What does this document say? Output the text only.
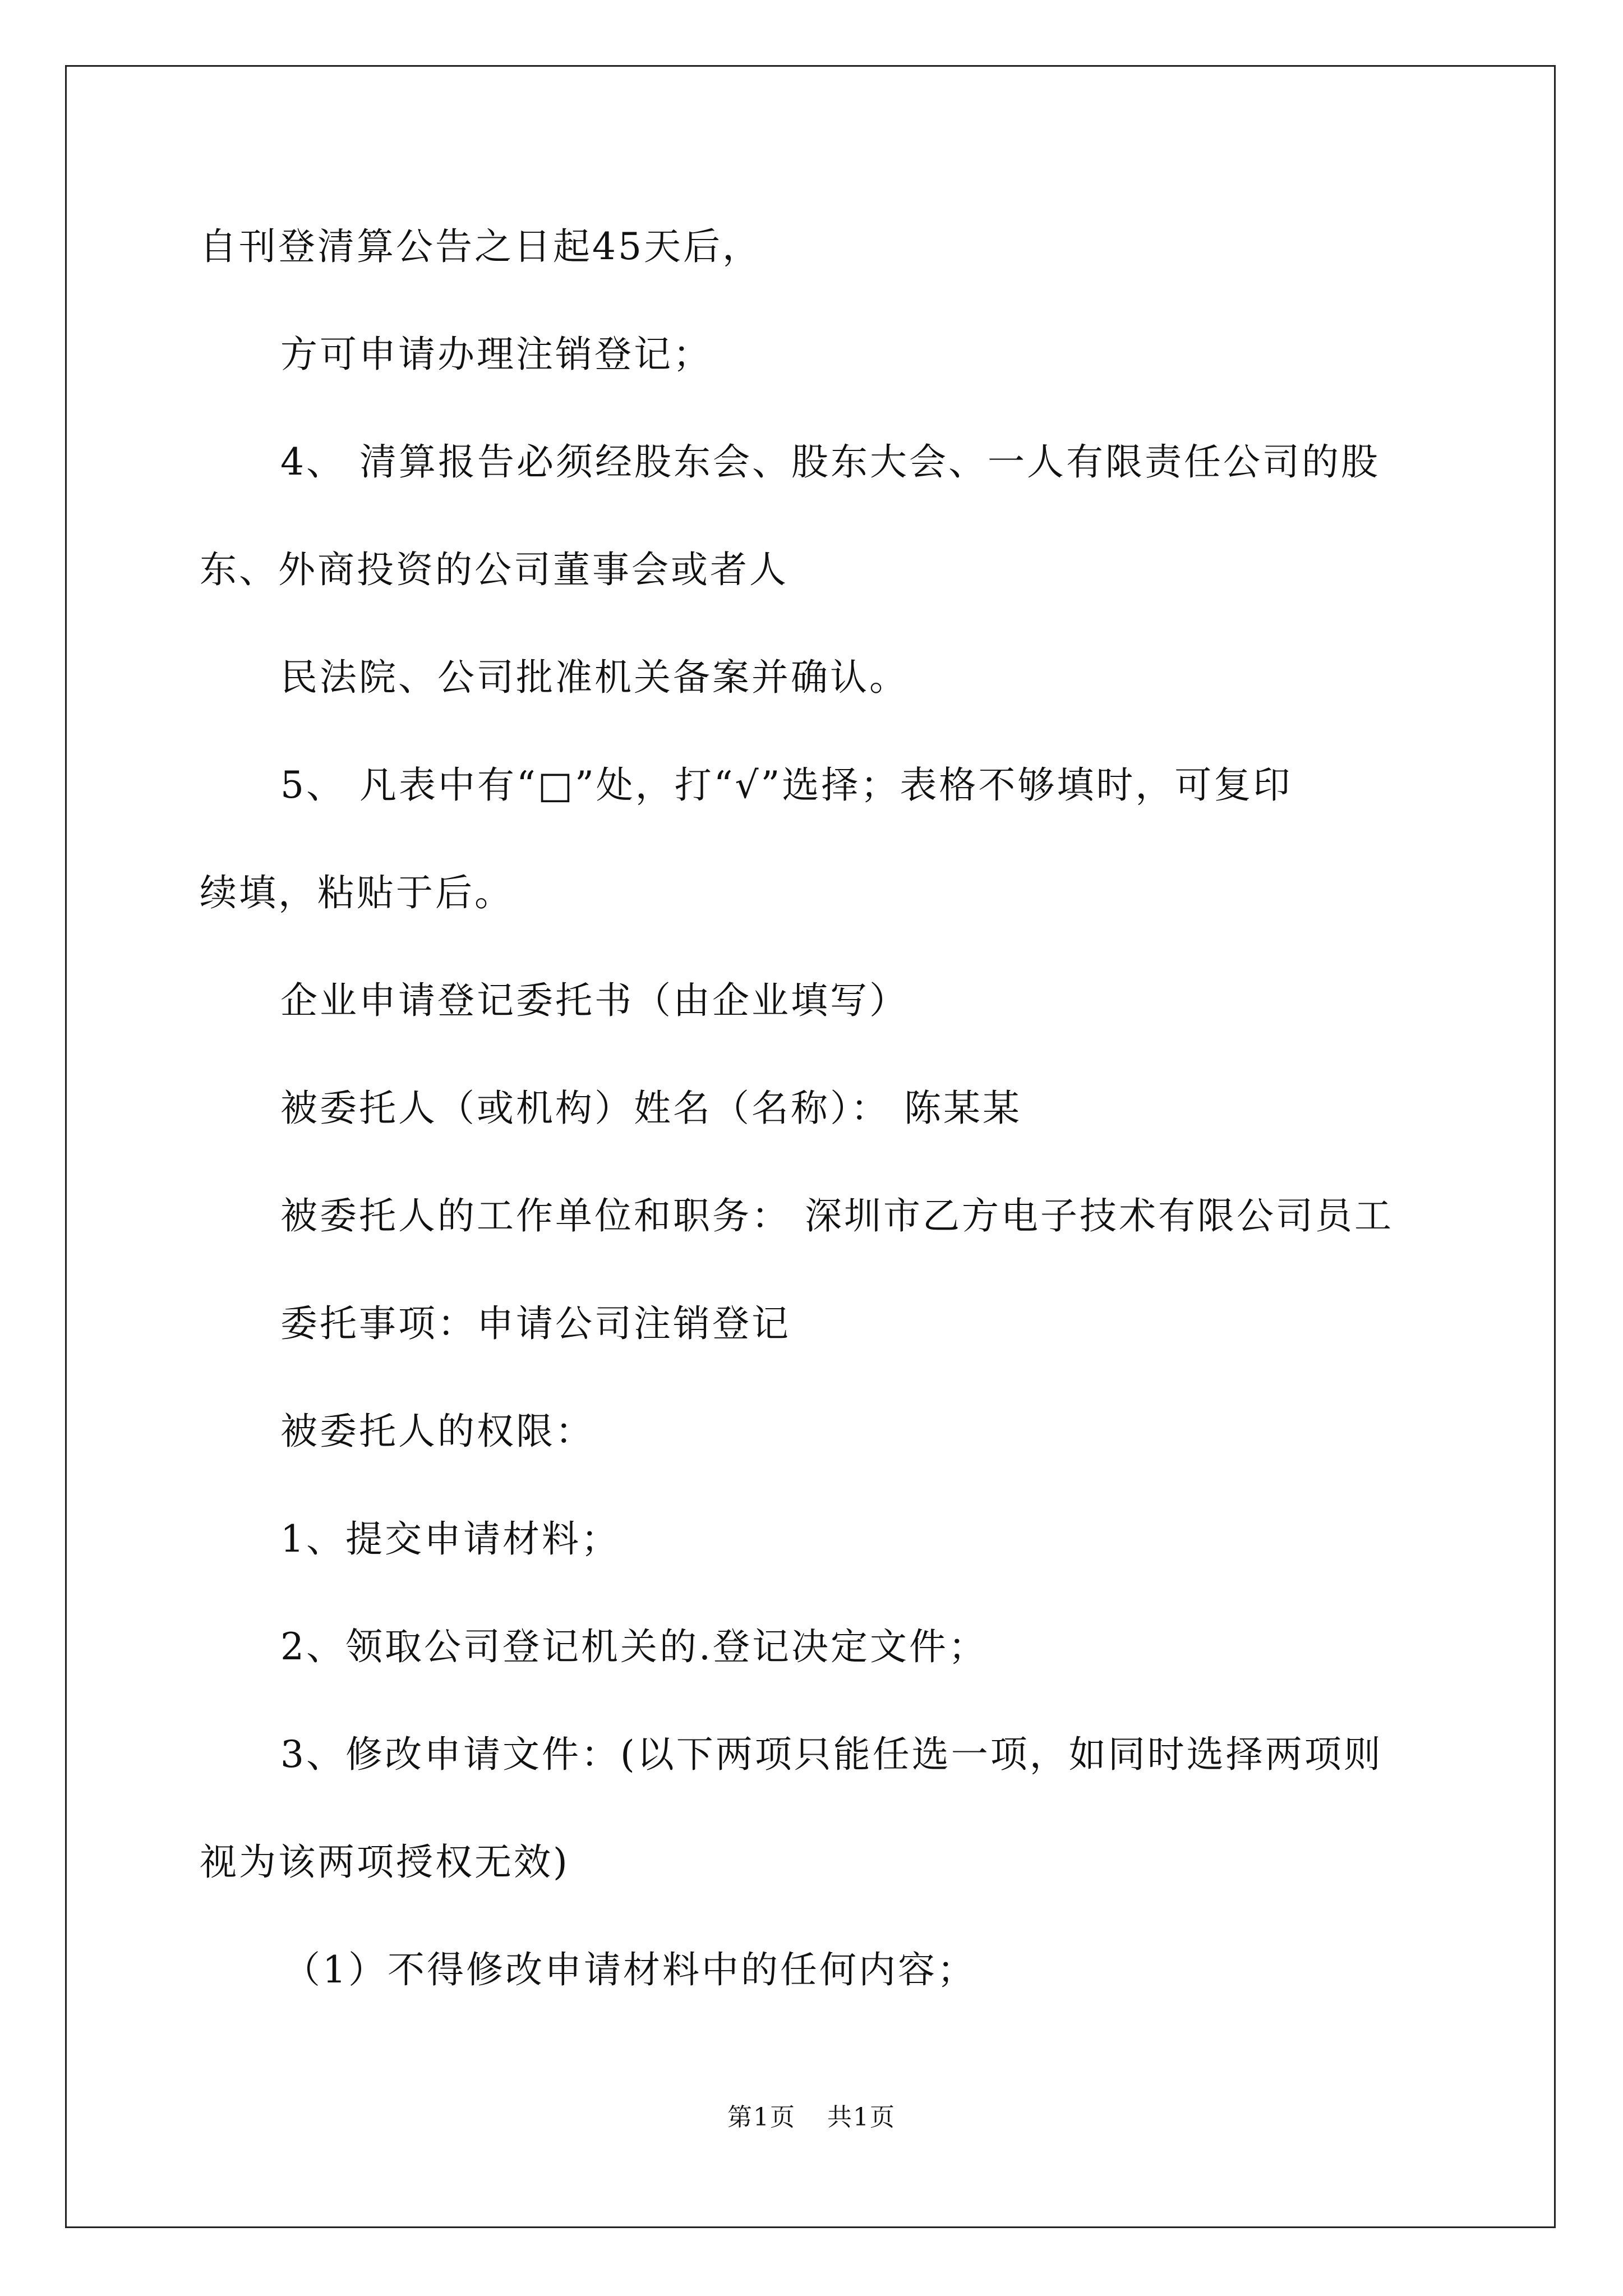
自刊登清算公告之日起45天后，
方可申请办理注销登记；
4、 清算报告必须经股东会、股东大会、一人有限责任公司的股
东、外商投资的公司董事会或者人
民法院、公司批准机关备案并确认。
5、 凡表中有“□”处，打“√”选择；表格不够填时，可复印
续填，粘贴于后。
企业申请登记委托书（由企业填写）
被委托人（或机构）姓名（名称）： 陈某某
被委托人的工作单位和职务： 深圳市乙方电子技术有限公司员工
委托事项：申请公司注销登记
被委托人的权限：
1、提交申请材料；
2、领取公司登记机关的.登记决定文件；
3、修改申请文件：(以下两项只能任选一项，如同时选择两项则
视为该两项授权无效)
（1）不得修改申请材料中的任何内容；
第1页 共1页
